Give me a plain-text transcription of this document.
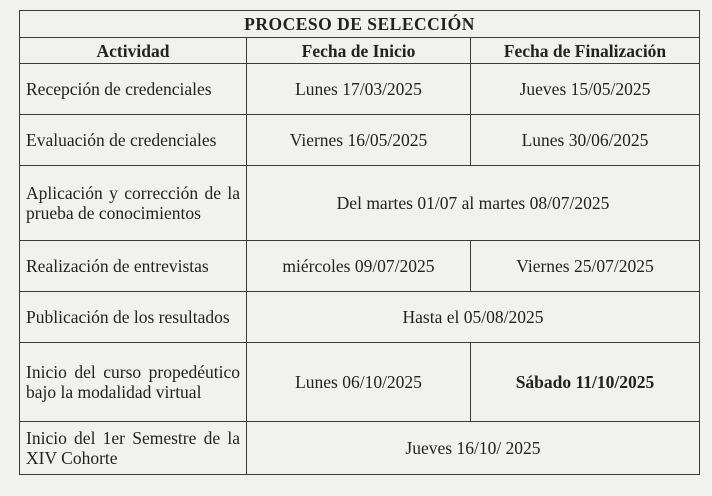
PROCESO DE SELECCIÓN		
Actividad	Fecha de Inicio	Fecha de Finalización
Recepción de credenciales	Lunes 17/03/2025	Jueves 15/05/2025
Evaluación de credenciales	Viernes 16/05/2025	Lunes 30/06/2025
Aplicación y corrección de la prueba de conocimientos	Del martes 01/07 al martes 08/07/2025	
Realización de entrevistas	miércoles 09/07/2025	Viernes 25/07/2025
Publicación de los resultados	Hasta el 05/08/2025	
Inicio del curso propedéutico bajo la modalidad virtual	Lunes 06/10/2025	Sábado 11/10/2025
Inicio del 1er Semestre de la XIV Cohorte	Jueves 16/10/ 2025	
